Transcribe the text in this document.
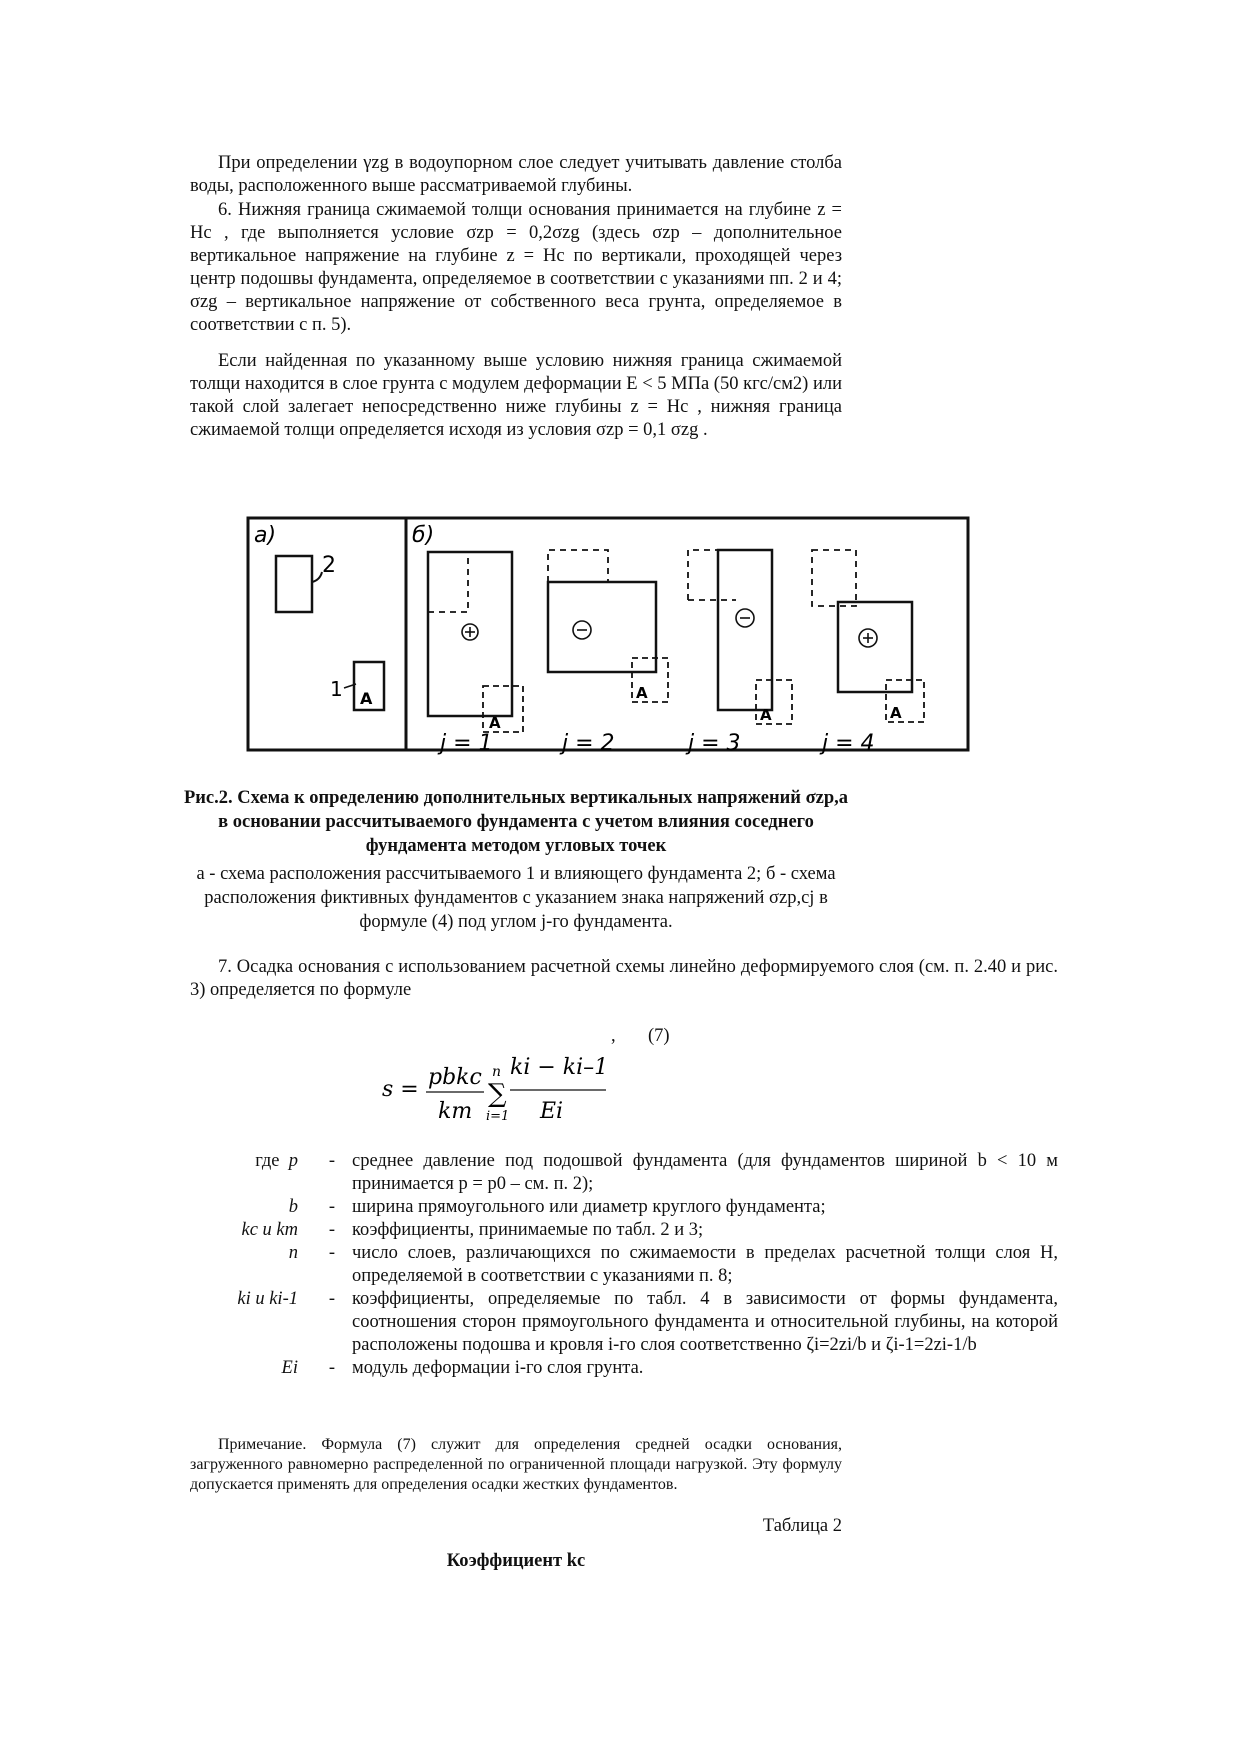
При определении γzg в водоупорном слое следует учитывать давление столба воды, расположенного выше рассматриваемой глубины.

6. Нижняя граница сжимаемой толщи основания принимается на глубине z = Hc , где выполняется условие σzp = 0,2σzg (здесь σzp – дополнительное вертикальное напряжение на глубине z = Hc по вертикали, проходящей через центр подошвы фундамента, определяемое в соответствии с указаниями пп. 2 и 4; σzg – вертикальное напряжение от собственного веса грунта, определяемое в соответствии с п. 5).

Если найденная по указанному выше условию нижняя граница сжимаемой толщи находится в слое грунта с модулем деформации E < 5 МПа (50 кгс/см2) или такой слой залегает непосредственно ниже глубины z = Hc , нижняя граница сжимаемой толщи определяется исходя из условия σzp = 0,1 σzg .

а)
2
1 А
б)
А
j = 1
А
j = 2
А
j = 3
А
j = 4
Рис.2. Схема к определению дополнительных вертикальных напряжений σzp,a в основании рассчитываемого фундамента с учетом влияния соседнего фундамента методом угловых точек
а - схема расположения рассчитываемого 1 и влияющего фундамента 2; б - схема расположения фиктивных фундаментов с указанием знака напряжений σzp,cj в формуле (4) под углом j-го фундамента.

7. Осадка основания с использованием расчетной схемы линейно деформируемого слоя (см. п. 2.40 и рис. 3) определяется по формуле

, (7)
s = pbkc
km
n
∑
i=1
ki − ki–1
Ei
где p	-	среднее давление под подошвой фундамента (для фундаментов шириной b < 10 м принимается p = p0 – см. п. 2);
b	-	ширина прямоугольного или диаметр круглого фундамента;
kc и km	-	коэффициенты, принимаемые по табл. 2 и 3;
n	-	число слоев, различающихся по сжимаемости в пределах расчетной толщи слоя H, определяемой в соответствии с указаниями п. 8;
ki и ki-1	-	коэффициенты, определяемые по табл. 4 в зависимости от формы фундамента, соотношения сторон прямоугольного фундамента и относительной глубины, на которой расположены подошва и кровля i-го слоя соответственно ζi=2zi/b и ζi-1=2zi-1/b
Ei	-	модуль деформации i-го слоя грунта.
Примечание. Формула (7) служит для определения средней осадки основания, загруженного равномерно распределенной по ограниченной площади нагрузкой. Эту формулу допускается применять для определения осадки жестких фундаментов.
Таблица 2
Коэффициент kc
